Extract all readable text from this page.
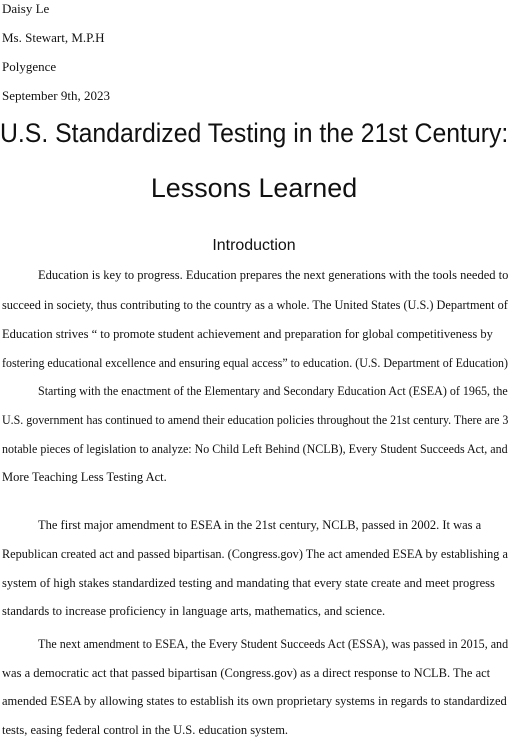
Daisy Le
Ms. Stewart, M.P.H
Polygence
September 9th, 2023
U.S. Standardized Testing in the 21st Century:
Lessons Learned
Introduction
Education is key to progress. Education prepares the next generations with the tools needed to
succeed in society, thus contributing to the country as a whole. The United States (U.S.) Department of
Education strives “ to promote student achievement and preparation for global competitiveness by
fostering educational excellence and ensuring equal access” to education. (U.S. Department of Education)
Starting with the enactment of the Elementary and Secondary Education Act (ESEA) of 1965, the
U.S. government has continued to amend their education policies throughout the 21st century. There are 3
notable pieces of legislation to analyze: No Child Left Behind (NCLB), Every Student Succeeds Act, and
More Teaching Less Testing Act.
The first major amendment to ESEA in the 21st century, NCLB, passed in 2002. It was a
Republican created act and passed bipartisan. (Congress.gov) The act amended ESEA by establishing a
system of high stakes standardized testing and mandating that every state create and meet progress
standards to increase proficiency in language arts, mathematics, and science.
The next amendment to ESEA, the Every Student Succeeds Act (ESSA), was passed in 2015, and
was a democratic act that passed bipartisan (Congress.gov) as a direct response to NCLB. The act
amended ESEA by allowing states to establish its own proprietary systems in regards to standardized
tests, easing federal control in the U.S. education system.
